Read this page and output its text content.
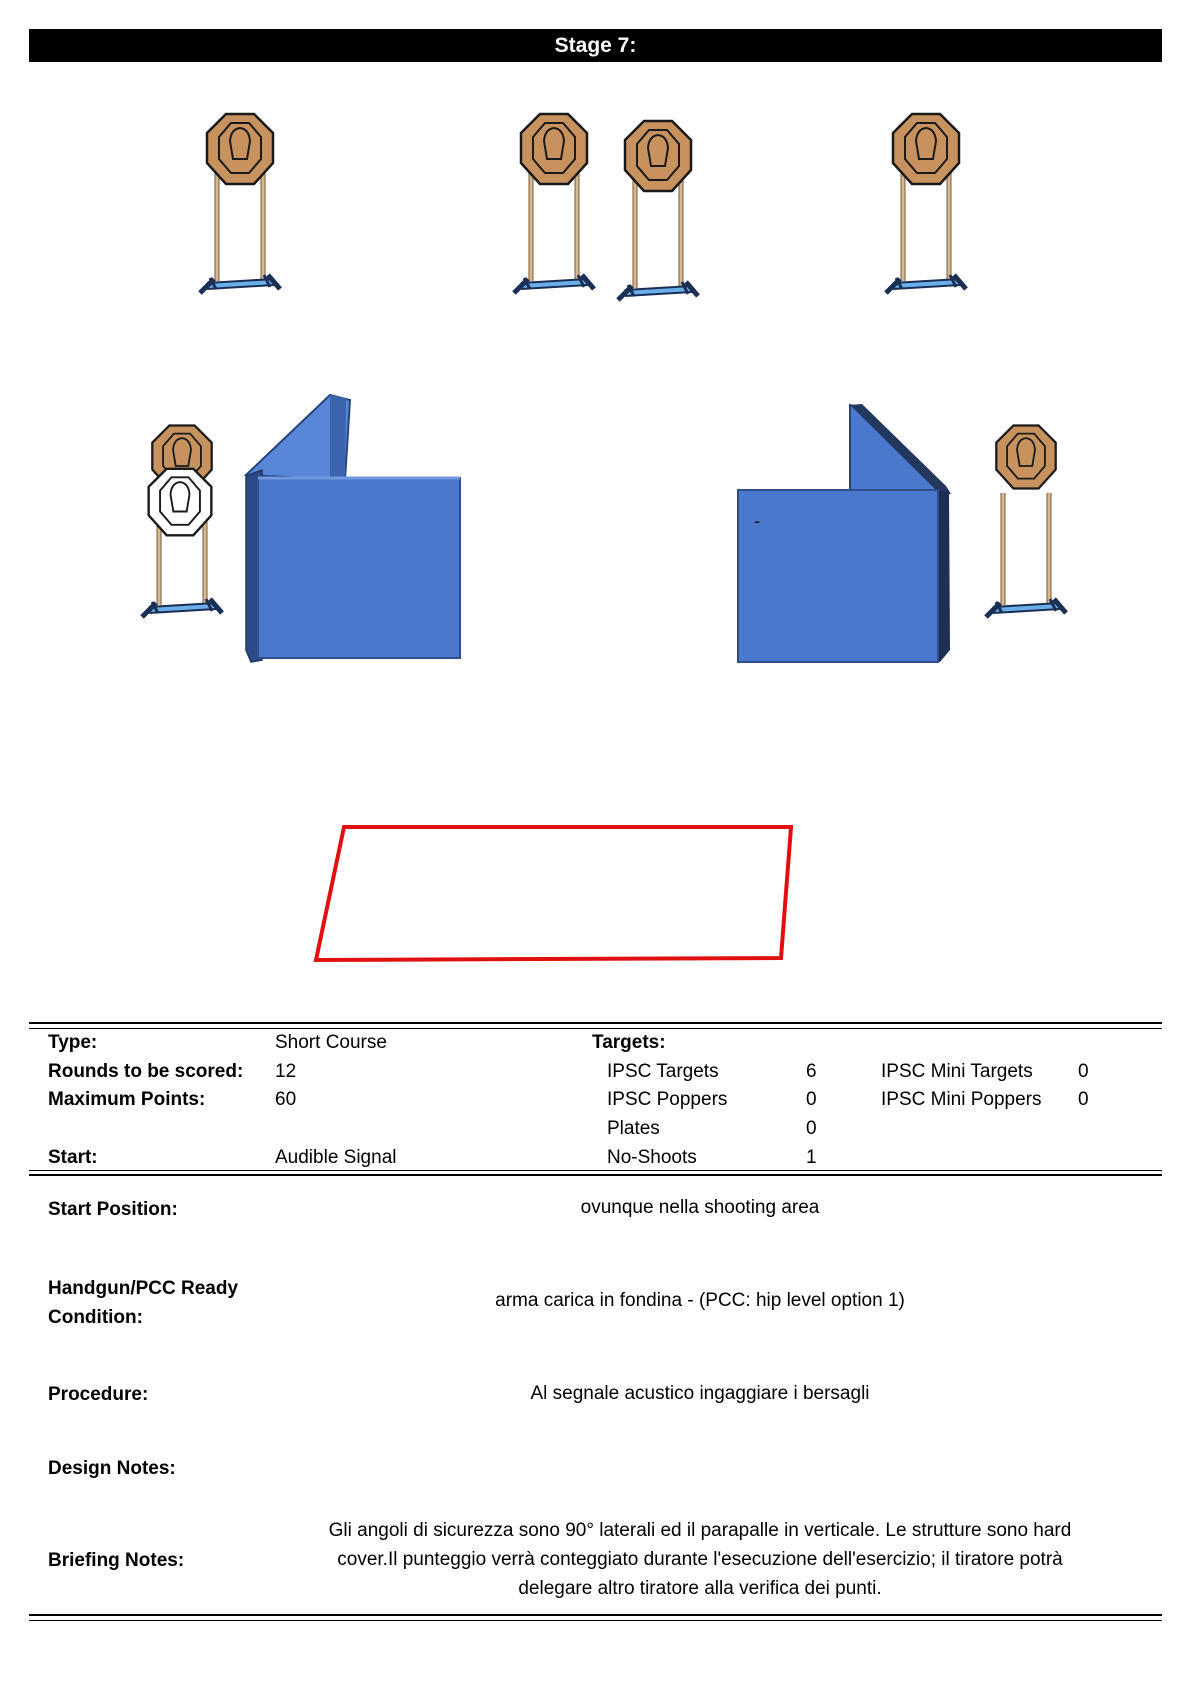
Stage 7:
-
Type:	Short Course	Targets:
Rounds to be scored: 12	IPSC Targets	6	IPSC Mini Targets 0
Maximum Points:	60	IPSC Poppers	0	IPSC Mini Poppers 0
Plates	0
Start:	Audible Signal	No-Shoots	1
Start Position:	ovunque nella shooting area
Handgun/PCC Ready
Condition:
arma carica in fondina - (PCC: hip level option 1)
Procedure:	Al segnale acustico ingaggiare i bersagli
Design Notes:
Briefing Notes:
Gli angoli di sicurezza sono 90° laterali ed il parapalle in verticale. Le strutture sono hard
cover.Il punteggio verrà conteggiato durante l'esecuzione dell'esercizio; il tiratore potrà
delegare altro tiratore alla verifica dei punti.
